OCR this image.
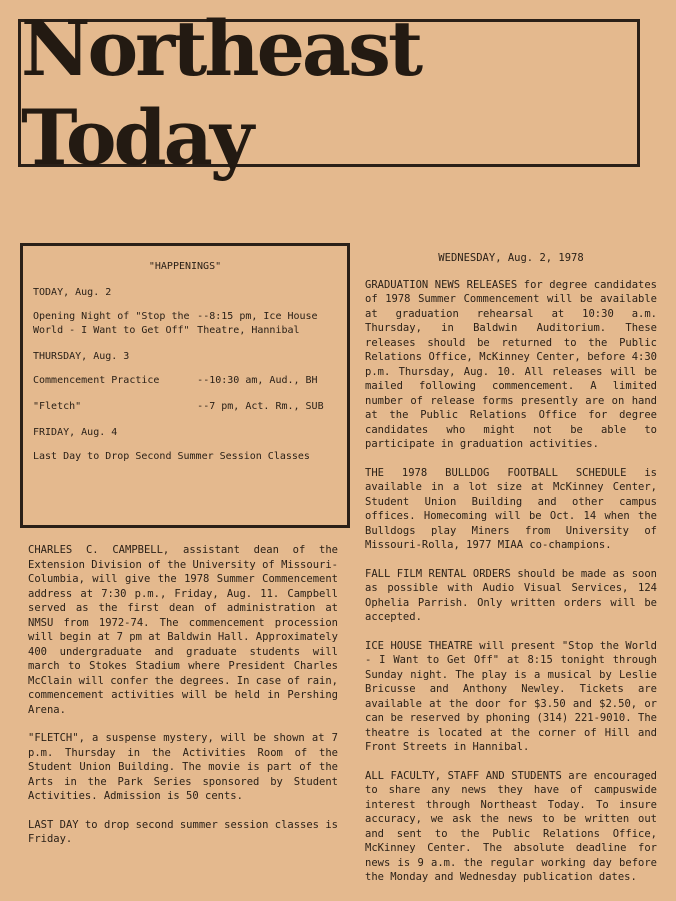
Northeast Today
"HAPPENINGS"
TODAY, Aug. 2
Opening Night of "Stop the World - I Want to Get Off"
--8:15 pm, Ice House Theatre, Hannibal
THURSDAY, Aug. 3
Commencement Practice	--10:30 am, Aud., BH
"Fletch"	--7 pm, Act. Rm., SUB
FRIDAY, Aug. 4
Last Day to Drop Second Summer Session Classes

CHARLES C. CAMPBELL, assistant dean of the Extension Division of the University of Missouri-Columbia, will give the 1978 Summer Commencement address at 7:30 p.m., Friday, Aug. 11. Campbell served as the first dean of administration at NMSU from 1972-74. The commencement procession will begin at 7 pm at Baldwin Hall. Approximately 400 undergraduate and graduate students will march to Stokes Stadium where President Charles McClain will confer the degrees. In case of rain, commencement activities will be held in Pershing Arena.

"FLETCH", a suspense mystery, will be shown at 7 p.m. Thursday in the Activities Room of the Student Union Building. The movie is part of the Arts in the Park Series sponsored by Student Activities. Admission is 50 cents.

LAST DAY to drop second summer session classes is Friday.

WEDNESDAY, Aug. 2, 1978

GRADUATION NEWS RELEASES for degree candidates of 1978 Summer Commencement will be available at graduation rehearsal at 10:30 a.m. Thursday, in Baldwin Auditorium. These releases should be returned to the Public Relations Office, McKinney Center, before 4:30 p.m. Thursday, Aug. 10. All releases will be mailed following commencement. A limited number of release forms presently are on hand at the Public Relations Office for degree candidates who might not be able to participate in graduation activities.

THE 1978 BULLDOG FOOTBALL SCHEDULE is available in a lot size at McKinney Center, Student Union Building and other campus offices. Homecoming will be Oct. 14 when the Bulldogs play Miners from University of Missouri-Rolla, 1977 MIAA co-champions.

FALL FILM RENTAL ORDERS should be made as soon as possible with Audio Visual Services, 124 Ophelia Parrish. Only written orders will be accepted.

ICE HOUSE THEATRE will present "Stop the World - I Want to Get Off" at 8:15 tonight through Sunday night. The play is a musical by Leslie Bricusse and Anthony Newley. Tickets are available at the door for $3.50 and $2.50, or can be reserved by phoning (314) 221-9010. The theatre is located at the corner of Hill and Front Streets in Hannibal.

ALL FACULTY, STAFF AND STUDENTS are encouraged to share any news they have of campuswide interest through Northeast Today. To insure accuracy, we ask the news to be written out and sent to the Public Relations Office, McKinney Center. The absolute deadline for news is 9 a.m. the regular working day before the Monday and Wednesday publication dates.
